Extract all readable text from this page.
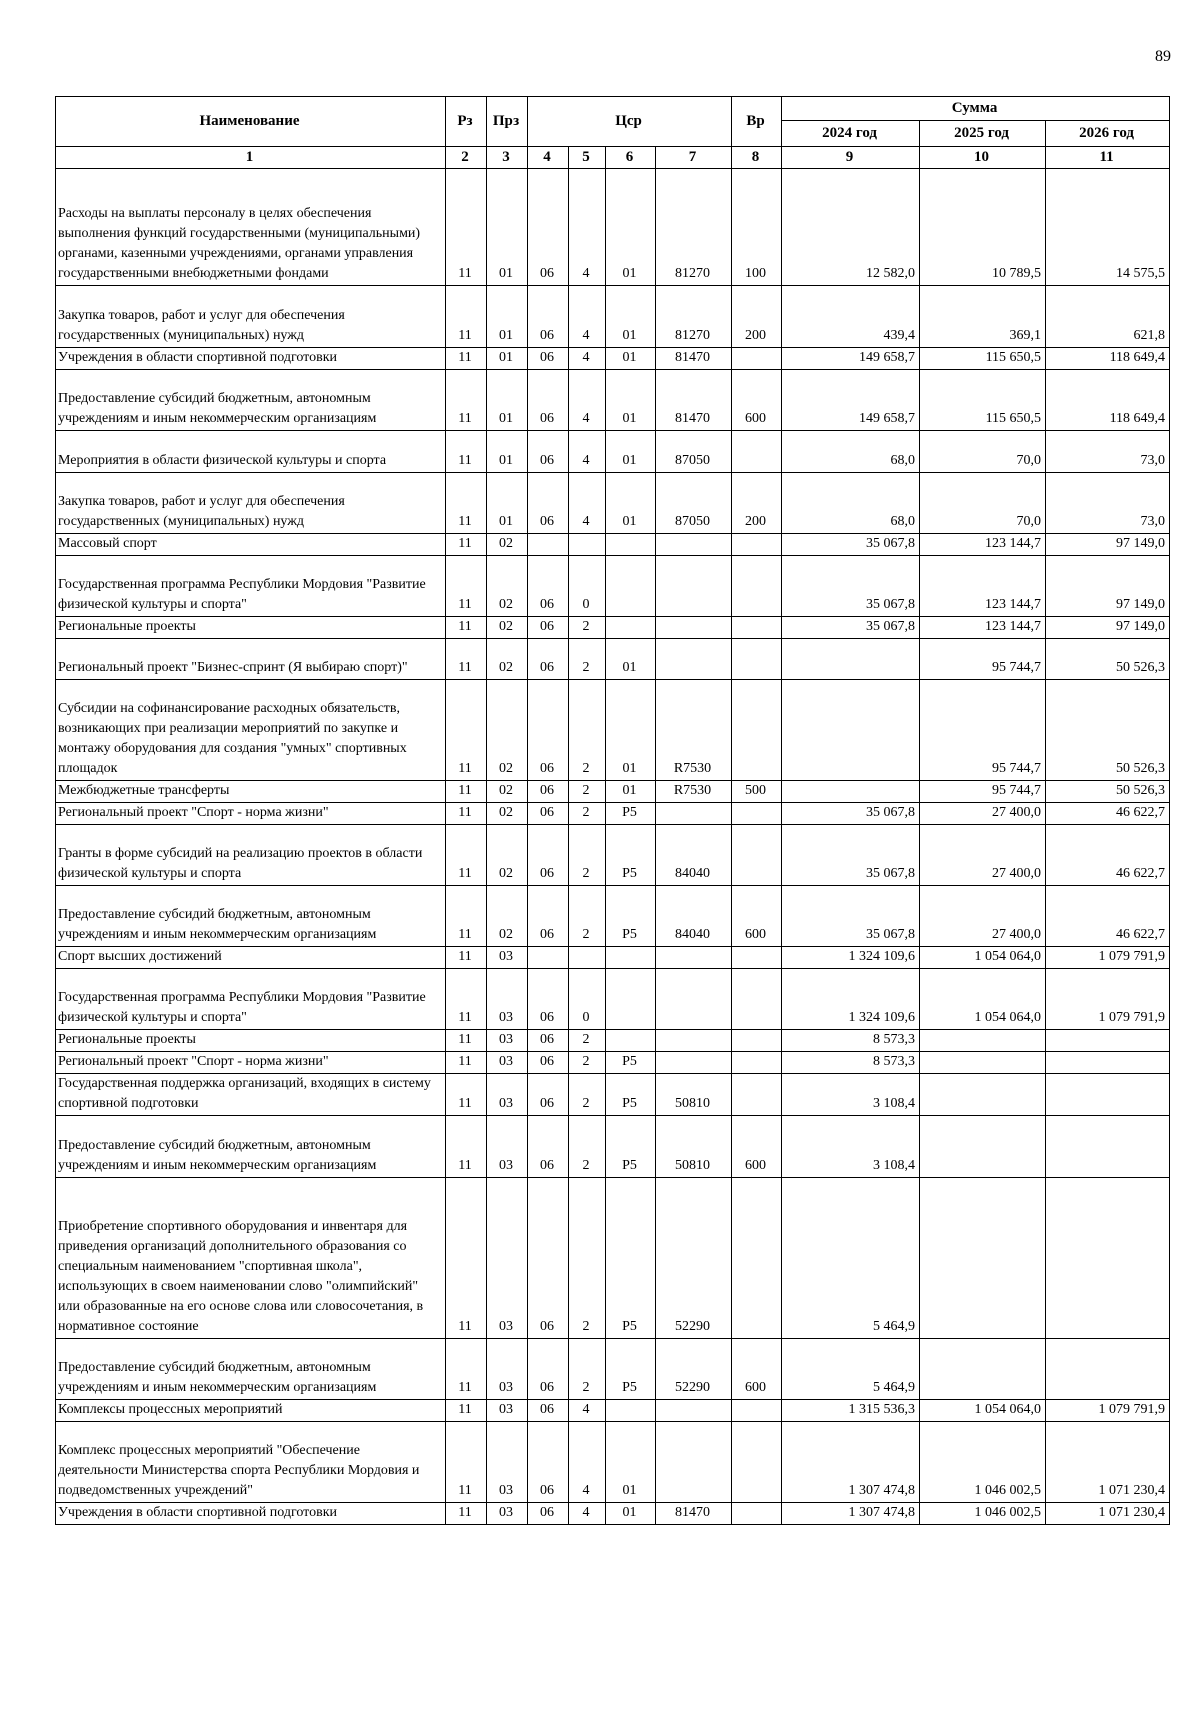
89
Наименование	Рз	Прз	Цср				Вр	Сумма		
								2024 год	2025 год	2026 год
1	2	3	4	5	6	7	8	9	10	11
Расходы на выплаты персоналу в целях обеспечения выполнения функций государственными (муниципальными) органами, казенными учреждениями, органами управления государственными внебюджетными фондами	11	01	06	4	01	81270	100	12 582,0	10 789,5	14 575,5
Закупка товаров, работ и услуг для обеспечения государственных (муниципальных) нужд	11	01	06	4	01	81270	200	439,4	369,1	621,8
Учреждения в области спортивной подготовки	11	01	06	4	01	81470		149 658,7	115 650,5	118 649,4
Предоставление субсидий бюджетным, автономным учреждениям и иным некоммерческим организациям	11	01	06	4	01	81470	600	149 658,7	115 650,5	118 649,4
Мероприятия в области физической культуры и спорта	11	01	06	4	01	87050		68,0	70,0	73,0
Закупка товаров, работ и услуг для обеспечения государственных (муниципальных) нужд	11	01	06	4	01	87050	200	68,0	70,0	73,0
Массовый спорт	11	02						35 067,8	123 144,7	97 149,0
Государственная программа Республики Мордовия "Развитие физической культуры и спорта"	11	02	06	0				35 067,8	123 144,7	97 149,0
Региональные проекты	11	02	06	2				35 067,8	123 144,7	97 149,0
Региональный проект "Бизнес-спринт (Я выбираю спорт)"	11	02	06	2	01				95 744,7	50 526,3
Субсидии на софинансирование расходных обязательств, возникающих при реализации мероприятий по закупке и монтажу оборудования для создания "умных" спортивных площадок	11	02	06	2	01	R7530			95 744,7	50 526,3
Межбюджетные трансферты	11	02	06	2	01	R7530	500		95 744,7	50 526,3
Региональный проект "Спорт - норма жизни"	11	02	06	2	P5			35 067,8	27 400,0	46 622,7
Гранты в форме субсидий на реализацию проектов в области физической культуры и спорта	11	02	06	2	P5	84040		35 067,8	27 400,0	46 622,7
Предоставление субсидий бюджетным, автономным учреждениям и иным некоммерческим организациям	11	02	06	2	P5	84040	600	35 067,8	27 400,0	46 622,7
Спорт высших достижений	11	03						1 324 109,6	1 054 064,0	1 079 791,9
Государственная программа Республики Мордовия "Развитие физической культуры и спорта"	11	03	06	0				1 324 109,6	1 054 064,0	1 079 791,9
Региональные проекты	11	03	06	2				8 573,3		
Региональный проект "Спорт - норма жизни"	11	03	06	2	P5			8 573,3		
Государственная поддержка организаций, входящих в систему спортивной подготовки	11	03	06	2	P5	50810		3 108,4		
Предоставление субсидий бюджетным, автономным учреждениям и иным некоммерческим организациям	11	03	06	2	P5	50810	600	3 108,4		
Приобретение спортивного оборудования и инвентаря для приведения организаций дополнительного образования со специальным наименованием "спортивная школа", использующих в своем наименовании слово "олимпийский" или образованные на его основе слова или словосочетания, в нормативное состояние	11	03	06	2	P5	52290		5 464,9		
Предоставление субсидий бюджетным, автономным учреждениям и иным некоммерческим организациям	11	03	06	2	P5	52290	600	5 464,9		
Комплексы процессных мероприятий	11	03	06	4				1 315 536,3	1 054 064,0	1 079 791,9
Комплекс процессных мероприятий "Обеспечение деятельности Министерства спорта Республики Мордовия и подведомственных учреждений"	11	03	06	4	01			1 307 474,8	1 046 002,5	1 071 230,4
Учреждения в области спортивной подготовки	11	03	06	4	01	81470		1 307 474,8	1 046 002,5	1 071 230,4
